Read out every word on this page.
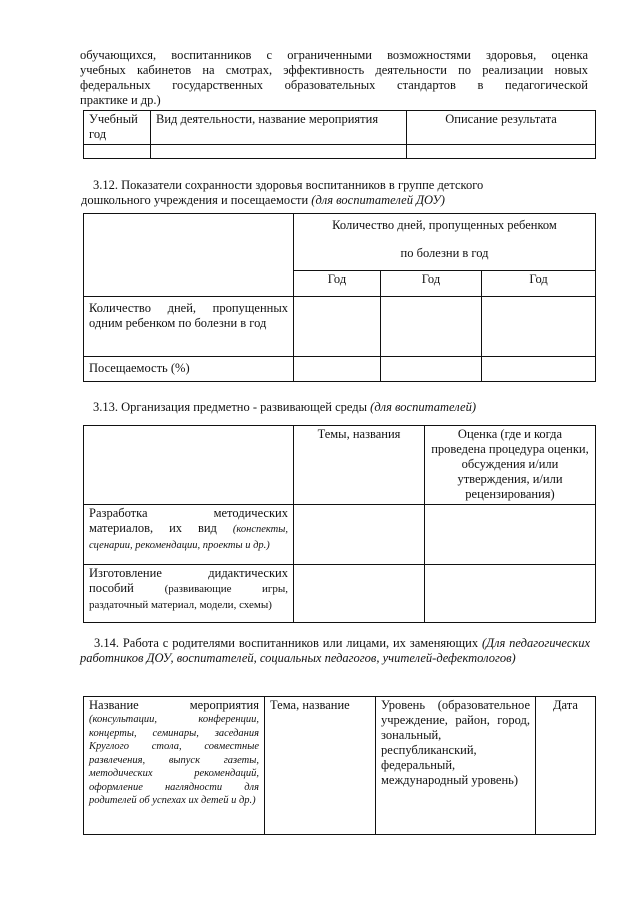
обучающихся, воспитанников с ограниченными возможностями здоровья, оценка
учебных кабинетов на смотрах, эффективность деятельности по реализации новых
федеральных государственных образовательных стандартов в педагогической
практике и др.)
Учебный год	Вид деятельности, название мероприятия	Описание результата

3.12. Показатели сохранности здоровья воспитанников в группе детского
дошкольного учреждения и посещаемости (для воспитателей ДОУ)

	Количество дней, пропущенных ребенком
по болезни в год		

	Год	Год	Год
Количество дней, пропущенных одним ребенком по болезни в год			
Посещаемость (%)			
3.13. Организация предметно - развивающей среды (для воспитателей)
	Темы, названия	Оценка (где и когда проведена процедура оценки, обсуждения и/или утверждения, и/или рецензирования)
Разработка методических материалов, их вид (конспекты, сценарии, рекомендации, проекты и др.)		
Изготовление дидактических пособий (развивающие игры, раздаточный материал, модели, схемы)		
3.14. Работа с родителями воспитанников или лицами, их заменяющих (Для педагогических работников ДОУ, воспитателей, социальных педагогов, учителей-дефектологов)
Название мероприятия
(консультации, конференции, концерты, семинары, заседания Круглого стола, совместные развлечения, выпуск газеты, методических рекомендаций, оформление наглядности для родителей об успехах их детей и др.)
	Тема, название	Уровень (образовательное учреждение, район, город, зональный, республиканский, федеральный, международный уровень)	Дата
